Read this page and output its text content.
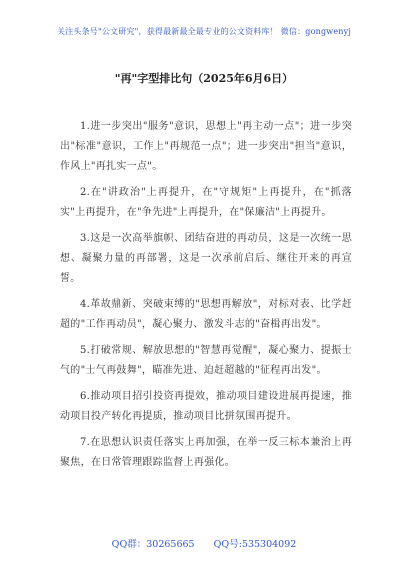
关注头条号"公文研究"，获得最新最全最专业的公文资料库！ 微信：gongwenyj
"再"字型排比句（2025年6月6日）

1.进一步突出"服务"意识，思想上"再主动一点"；进一步突出"标准"意识，工作上"再规范一点"；进一步突出"担当"意识，作风上"再扎实一点"。

2.在"讲政治"上再提升，在"守规矩"上再提升，在"抓落实"上再提升，在"争先进"上再提升，在"保廉洁"上再提升。

3.这是一次高举旗帜、团结奋进的再动员，这是一次统一思想、凝聚力量的再部署，这是一次承前启后、继往开来的再宣誓。

4.革故鼎新、突破束缚的"思想再解放"，对标对表、比学赶超的"工作再动员"，凝心聚力、激发斗志的"奋楫再出发"。

5.打破常规、解放思想的"智慧再觉醒"，凝心聚力、提振士气的"士气再鼓舞"，瞄准先进、迫赶超越的"征程再出发"。

6.推动项目招引投资再提效，推动项目建设进展再提速，推动项目投产转化再提质，推动项目比拼氛围再提升。

7.在思想认识责任落实上再加强，在举一反三标本兼治上再聚焦，在日常管理跟踪监督上再强化。

QQ群：30265665 QQ号:535304092
